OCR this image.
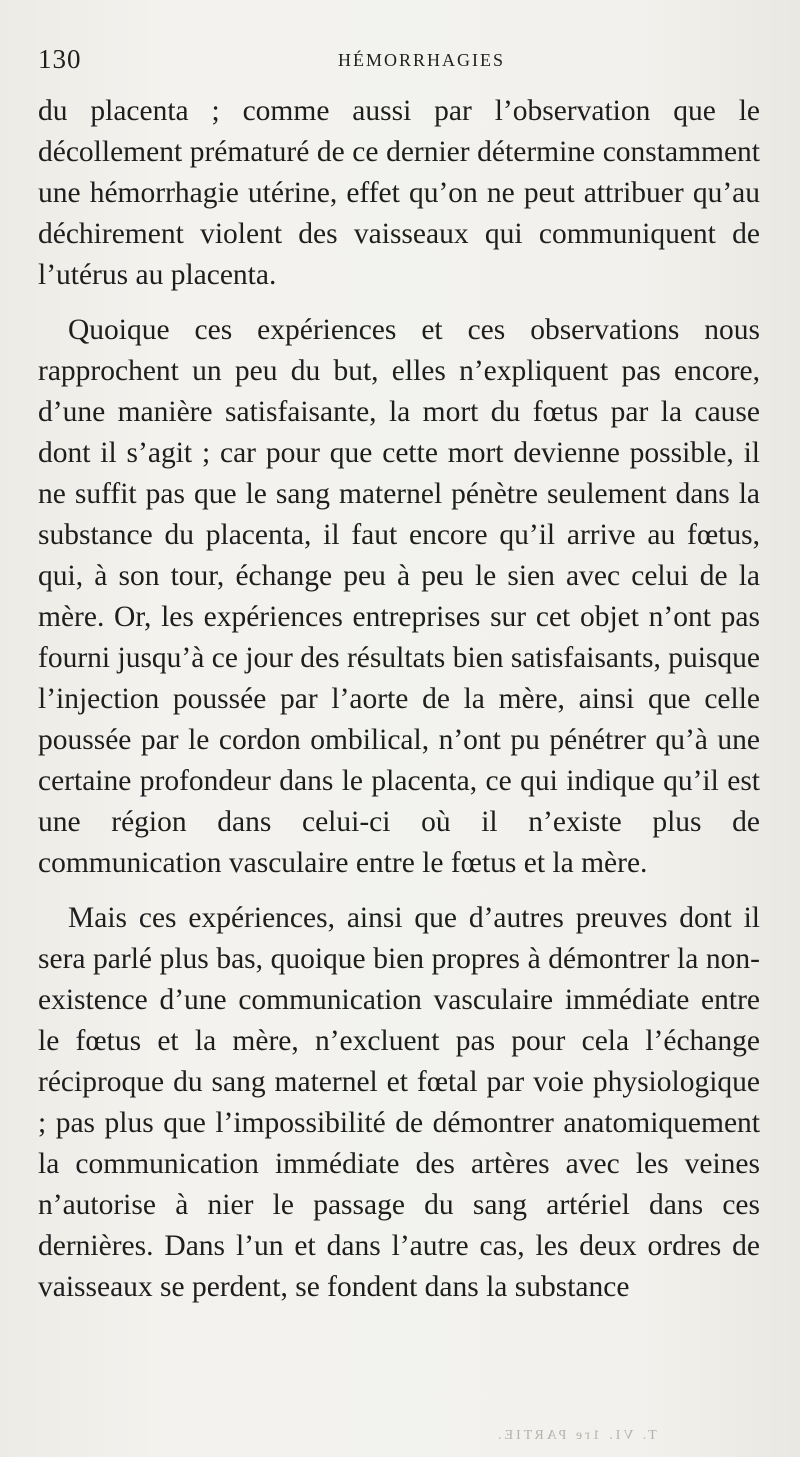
130	HÉMORRHAGIES

du placenta ; comme aussi par l’observation que le décollement prématuré de ce dernier détermine constamment une hémorrhagie utérine, effet qu’on ne peut attribuer qu’au déchirement violent des vaisseaux qui communiquent de l’utérus au placenta.

Quoique ces expériences et ces observations nous rapprochent un peu du but, elles n’expliquent pas encore, d’une manière satisfaisante, la mort du fœtus par la cause dont il s’agit ; car pour que cette mort devienne possible, il ne suffit pas que le sang maternel pénètre seulement dans la substance du placenta, il faut encore qu’il arrive au fœtus, qui, à son tour, échange peu à peu le sien avec celui de la mère. Or, les expériences entreprises sur cet objet n’ont pas fourni jusqu’à ce jour des résultats bien satisfaisants, puisque l’injection poussée par l’aorte de la mère, ainsi que celle poussée par le cordon ombilical, n’ont pu pénétrer qu’à une certaine profondeur dans le placenta, ce qui indique qu’il est une région dans celui-ci où il n’existe plus de communication vasculaire entre le fœtus et la mère.

Mais ces expériences, ainsi que d’autres preuves dont il sera parlé plus bas, quoique bien propres à démontrer la non-existence d’une communication vasculaire immédiate entre le fœtus et la mère, n’excluent pas pour cela l’échange réciproque du sang maternel et fœtal par voie physiologique ; pas plus que l’impossibilité de démontrer anatomiquement la communication immédiate des artères avec les veines n’autorise à nier le passage du sang artériel dans ces dernières. Dans l’un et dans l’autre cas, les deux ordres de vaisseaux se perdent, se fondent dans la substance

T. VI. 1re PARTIE.
